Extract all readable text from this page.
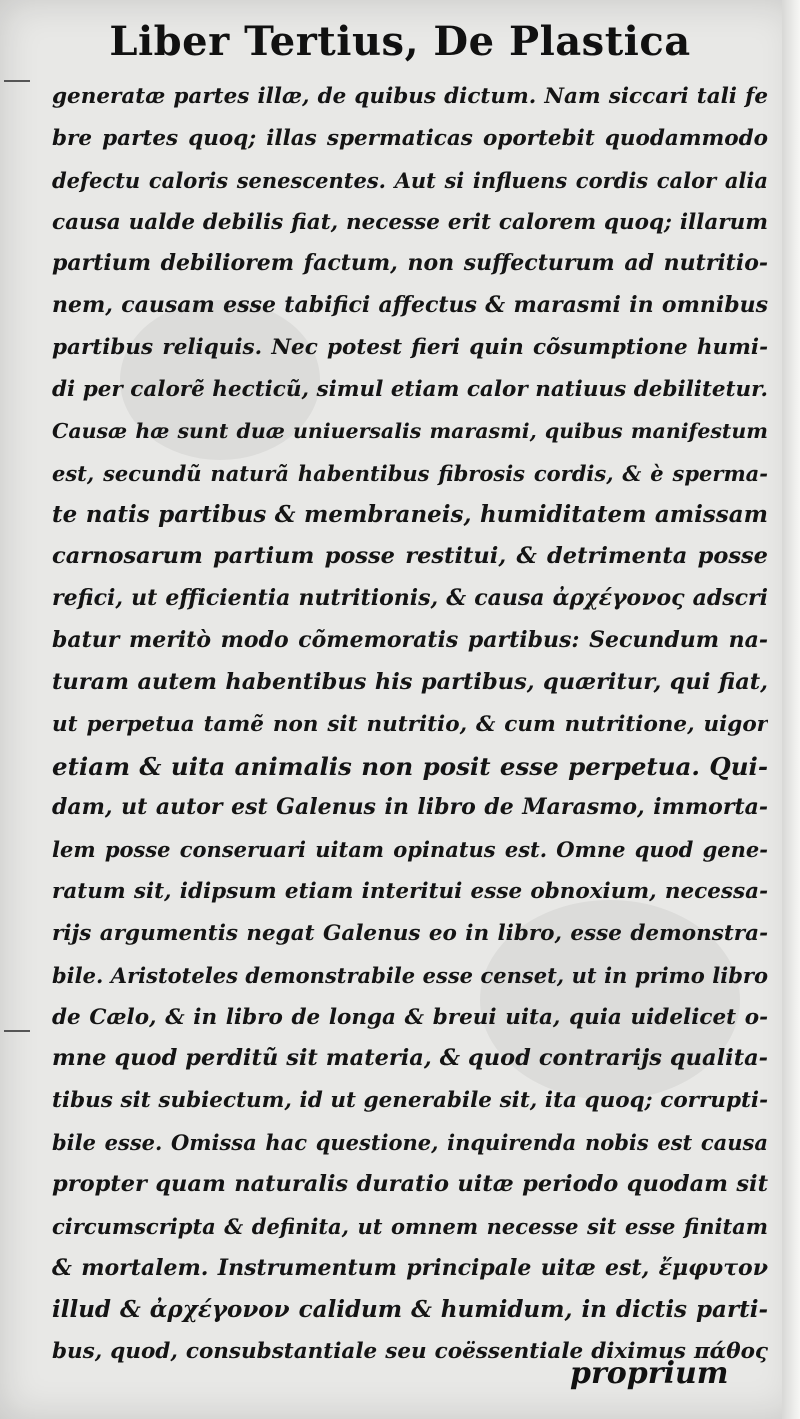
Liber Tertius, De Plastica
generatæ partes illæ, de quibus dictum. Nam siccari tali fe
bre partes quoq; illas spermaticas oportebit quodammodo
defectu caloris senescentes. Aut si influens cordis calor alia
causa ualde debilis fiat, necesse erit calorem quoq; illarum
partium debiliorem factum, non suffecturum ad nutritio-
nem, causam esse tabifici affectus & marasmi in omnibus
partibus reliquis. Nec potest fieri quin cõsumptione humi-
di per calorẽ hecticũ, simul etiam calor natiuus debilitetur.
Causæ hæ sunt duæ uniuersalis marasmi, quibus manifestum
est, secundũ naturã habentibus fibrosis cordis, & è sperma-
te natis partibus & membraneis, humiditatem amissam
carnosarum partium posse restitui, & detrimenta posse
refici, ut efficientia nutritionis, & causa ἀρχέγονος adscri
batur meritò modo cõmemoratis partibus: Secundum na-
turam autem habentibus his partibus, quæritur, qui fiat,
ut perpetua tamẽ non sit nutritio, & cum nutritione, uigor
etiam & uita animalis non posit esse perpetua. Qui-
dam, ut autor est Galenus in libro de Marasmo, immorta-
lem posse conseruari uitam opinatus est. Omne quod gene-
ratum sit, idipsum etiam interitui esse obnoxium, necessa-
rijs argumentis negat Galenus eo in libro, esse demonstra-
bile. Aristoteles demonstrabile esse censet, ut in primo libro
de Cælo, & in libro de longa & breui uita, quia uidelicet o-
mne quod perditũ sit materia, & quod contrarijs qualita-
tibus sit subiectum, id ut generabile sit, ita quoq; corrupti-
bile esse. Omissa hac questione, inquirenda nobis est causa
propter quam naturalis duratio uitæ periodo quodam sit
circumscripta & definita, ut omnem necesse sit esse finitam
& mortalem. Instrumentum principale uitæ est, ἔμφυτον
illud & ἀρχέγονον calidum & humidum, in dictis parti-
bus, quod, consubstantiale seu coëssentiale diximus πάθος
proprium
